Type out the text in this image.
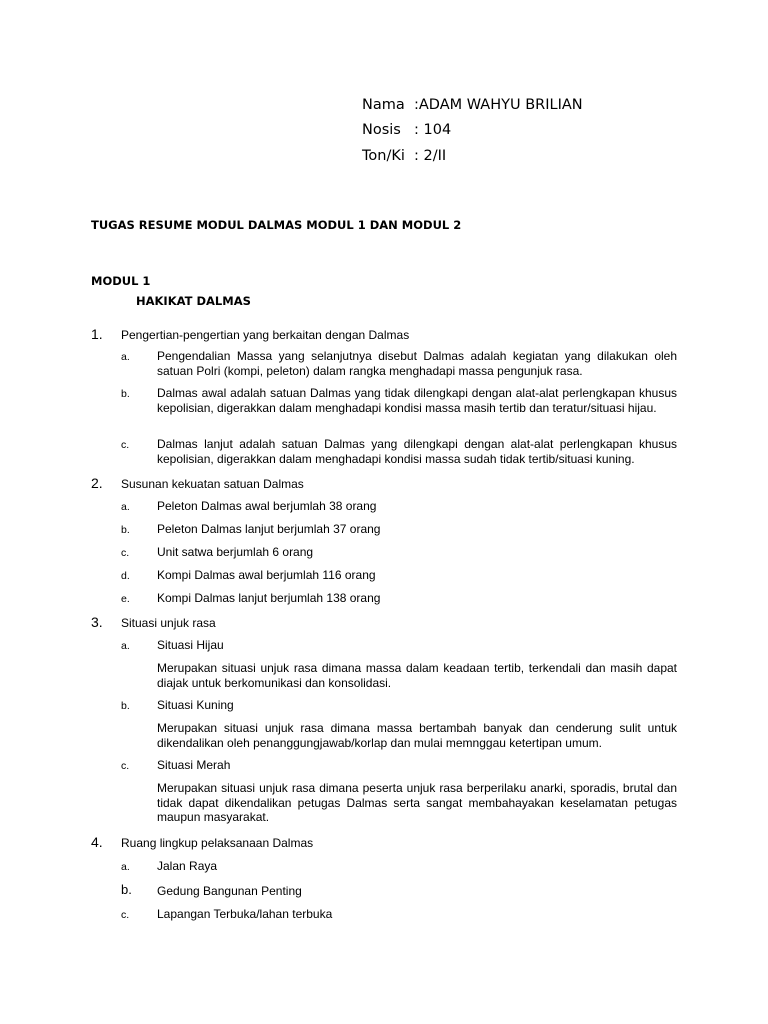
Nama :ADAM WAHYU BRILIAN
Nosis : 104
Ton/Ki : 2/II
TUGAS RESUME MODUL DALMAS MODUL 1 DAN MODUL 2
MODUL 1
HAKIKAT DALMAS
1. Pengertian-pengertian yang berkaitan dengan Dalmas
a. Pengendalian Massa yang selanjutnya disebut Dalmas adalah kegiatan yang dilakukan oleh satuan Polri (kompi, peleton) dalam rangka menghadapi massa pengunjuk rasa.
b. Dalmas awal adalah satuan Dalmas yang tidak dilengkapi dengan alat-alat perlengkapan khusus kepolisian, digerakkan dalam menghadapi kondisi massa masih tertib dan teratur/situasi hijau.
c. Dalmas lanjut adalah satuan Dalmas yang dilengkapi dengan alat-alat perlengkapan khusus kepolisian, digerakkan dalam menghadapi kondisi massa sudah tidak tertib/situasi kuning.
2. Susunan kekuatan satuan Dalmas
a. Peleton Dalmas awal berjumlah 38 orang
b. Peleton Dalmas lanjut berjumlah 37 orang
c. Unit satwa berjumlah 6 orang
d. Kompi Dalmas awal berjumlah 116 orang
e. Kompi Dalmas lanjut berjumlah 138 orang
3. Situasi unjuk rasa
a. Situasi Hijau
Merupakan situasi unjuk rasa dimana massa dalam keadaan tertib, terkendali dan masih dapat diajak untuk berkomunikasi dan konsolidasi.
b. Situasi Kuning
Merupakan situasi unjuk rasa dimana massa bertambah banyak dan cenderung sulit untuk dikendalikan oleh penanggungjawab/korlap dan mulai memnggau ketertipan umum.
c. Situasi Merah
Merupakan situasi unjuk rasa dimana peserta unjuk rasa berperilaku anarki, sporadis, brutal dan tidak dapat dikendalikan petugas Dalmas serta sangat membahayakan keselamatan petugas maupun masyarakat.
4. Ruang lingkup pelaksanaan Dalmas
a. Jalan Raya
b. Gedung Bangunan Penting
c. Lapangan Terbuka/lahan terbuka
